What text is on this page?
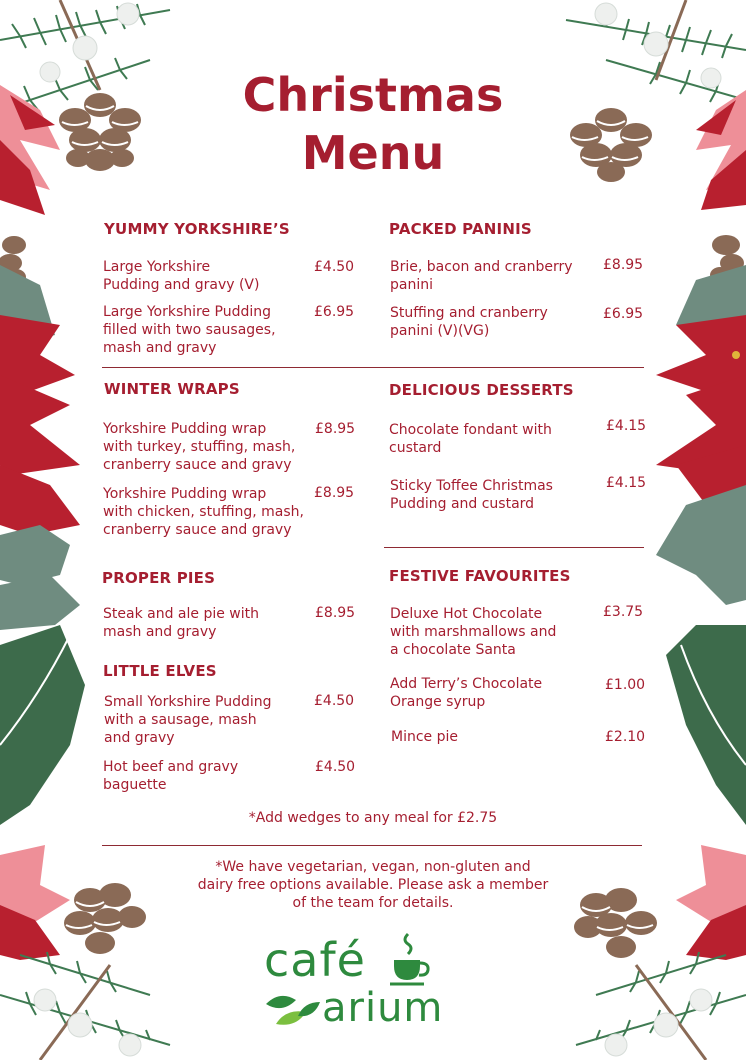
Christmas
Menu
YUMMY YORKSHIRE’S
Large Yorkshire
Pudding and gravy (V)
£4.50
Large Yorkshire Pudding
filled with two sausages,
mash and gravy
£6.95
PACKED PANINIS
Brie, bacon and cranberry
panini
£8.95
Stuffing and cranberry
panini (V)(VG)
£6.95
WINTER WRAPS
Yorkshire Pudding wrap
with turkey, stuffing, mash,
cranberry sauce and gravy
£8.95
Yorkshire Pudding wrap
with chicken, stuffing, mash,
cranberry sauce and gravy
£8.95
DELICIOUS DESSERTS
Chocolate fondant with
custard
£4.15
Sticky Toffee Christmas
Pudding and custard
£4.15
PROPER PIES
Steak and ale pie with
mash and gravy
£8.95
LITTLE ELVES
Small Yorkshire Pudding
with a sausage, mash
and gravy
£4.50
Hot beef and gravy
baguette
£4.50
FESTIVE FAVOURITES
Deluxe Hot Chocolate
with marshmallows and
a chocolate Santa
£3.75
Add Terry’s Chocolate
Orange syrup
£1.00
Mince pie	£2.10
*Add wedges to any meal for £2.75
*We have vegetarian, vegan, non-gluten and
dairy free options available. Please ask a member
of the team for details.
café
arium
